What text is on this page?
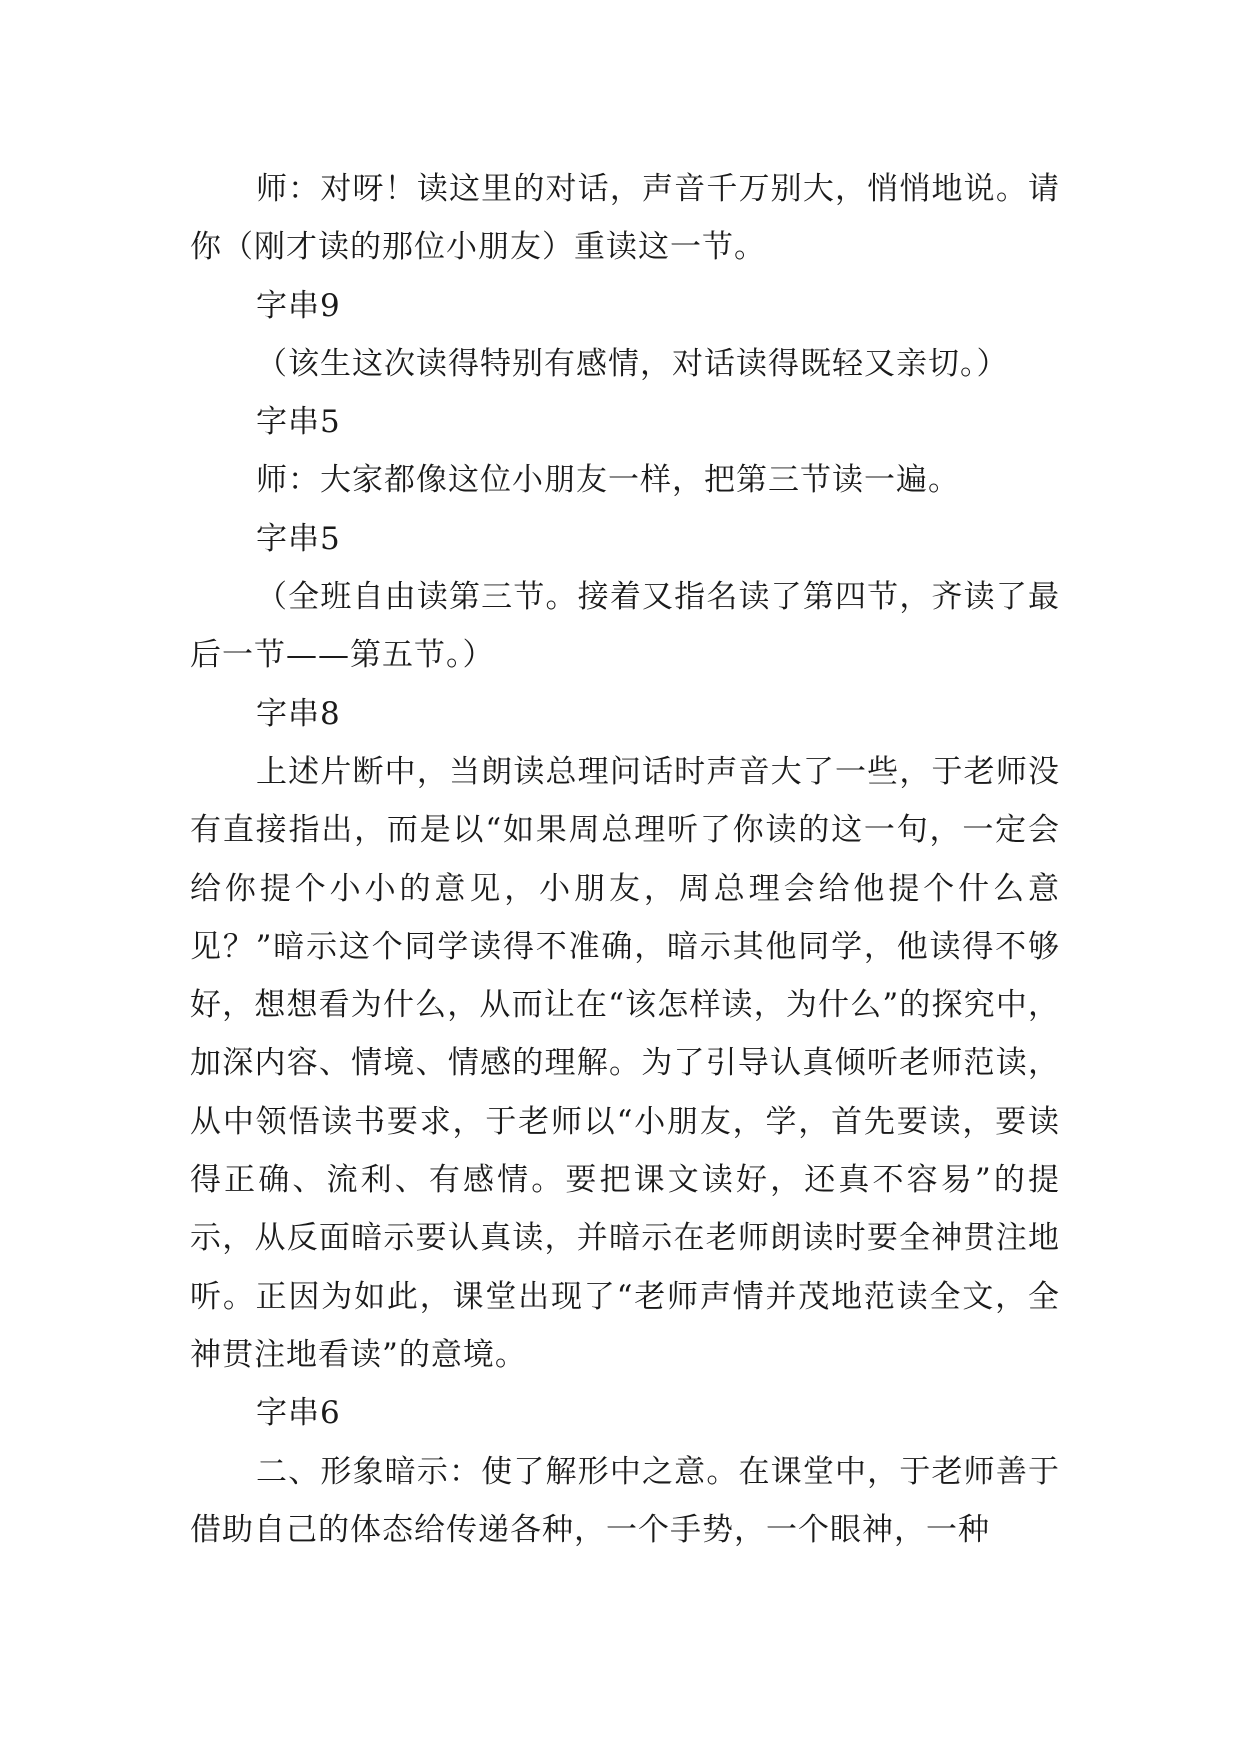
师：对呀！读这里的对话，声音千万别大，悄悄地说。请你（刚才读的那位小朋友）重读这一节。

字串9

（该生这次读得特别有感情，对话读得既轻又亲切。）

字串5

师：大家都像这位小朋友一样，把第三节读一遍。

字串5

（全班自由读第三节。接着又指名读了第四节，齐读了最后一节——第五节。）

字串8

上述片断中，当朗读总理问话时声音大了一些，于老师没有直接指出，而是以“如果周总理听了你读的这一句，一定会给你提个小小的意见，小朋友，周总理会给他提个什么意见？”暗示这个同学读得不准确，暗示其他同学，他读得不够好，想想看为什么，从而让在“该怎样读，为什么”的探究中，加深内容、情境、情感的理解。为了引导认真倾听老师范读，从中领悟读书要求，于老师以“小朋友，学，首先要读，要读得正确、流利、有感情。要把课文读好，还真不容易”的提示，从反面暗示要认真读，并暗示在老师朗读时要全神贯注地听。正因为如此，课堂出现了“老师声情并茂地范读全文，全神贯注地看读”的意境。

字串6

二、形象暗示：使了解形中之意。在课堂中，于老师善于借助自己的体态给传递各种，一个手势，一个眼神，一种
